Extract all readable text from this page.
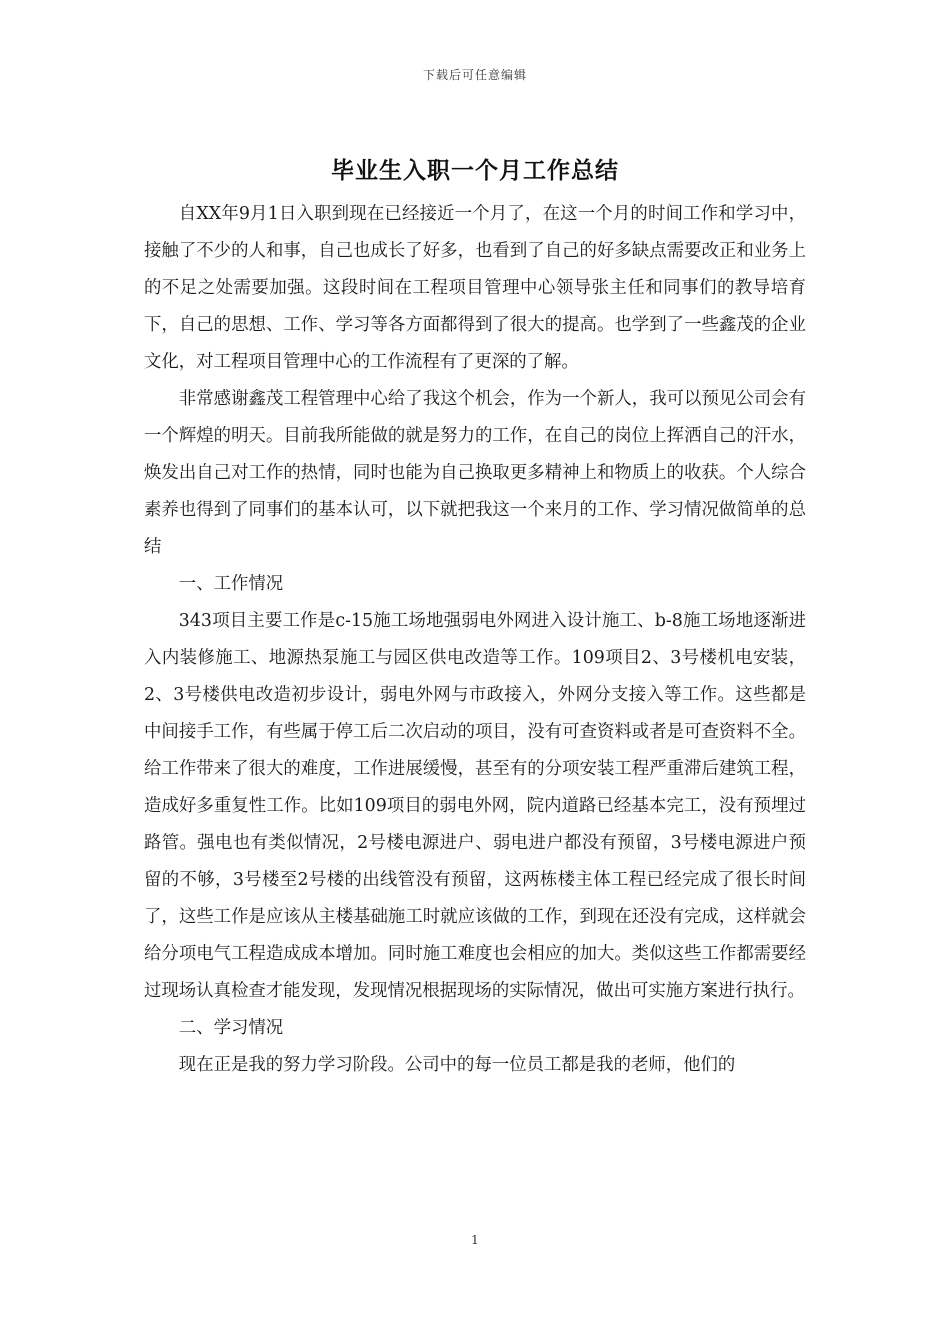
下载后可任意编辑
毕业生入职一个月工作总结

自XX年9月1日入职到现在已经接近一个月了，在这一个月的时间工作和学习中，接触了不少的人和事，自己也成长了好多，也看到了自己的好多缺点需要改正和业务上的不足之处需要加强。这段时间在工程项目管理中心领导张主任和同事们的教导培育下，自己的思想、工作、学习等各方面都得到了很大的提高。也学到了一些鑫茂的企业文化，对工程项目管理中心的工作流程有了更深的了解。

非常感谢鑫茂工程管理中心给了我这个机会，作为一个新人，我可以预见公司会有一个辉煌的明天。目前我所能做的就是努力的工作，在自己的岗位上挥洒自己的汗水，焕发出自己对工作的热情，同时也能为自己换取更多精神上和物质上的收获。个人综合素养也得到了同事们的基本认可，以下就把我这一个来月的工作、学习情况做简单的总结

一、工作情况

343项目主要工作是c-15施工场地强弱电外网进入设计施工、b-8施工场地逐渐进入内装修施工、地源热泵施工与园区供电改造等工作。109项目2、3号楼机电安装，2、3号楼供电改造初步设计，弱电外网与市政接入，外网分支接入等工作。这些都是中间接手工作，有些属于停工后二次启动的项目，没有可查资料或者是可查资料不全。给工作带来了很大的难度，工作进展缓慢，甚至有的分项安装工程严重滞后建筑工程，造成好多重复性工作。比如109项目的弱电外网，院内道路已经基本完工，没有预埋过路管。强电也有类似情况，2号楼电源进户、弱电进户都没有预留，3号楼电源进户预留的不够，3号楼至2号楼的出线管没有预留，这两栋楼主体工程已经完成了很长时间了，这些工作是应该从主楼基础施工时就应该做的工作，到现在还没有完成，这样就会给分项电气工程造成成本增加。同时施工难度也会相应的加大。类似这些工作都需要经过现场认真检查才能发现，发现情况根据现场的实际情况，做出可实施方案进行执行。

二、学习情况

现在正是我的努力学习阶段。公司中的每一位员工都是我的老师，他们的

1
